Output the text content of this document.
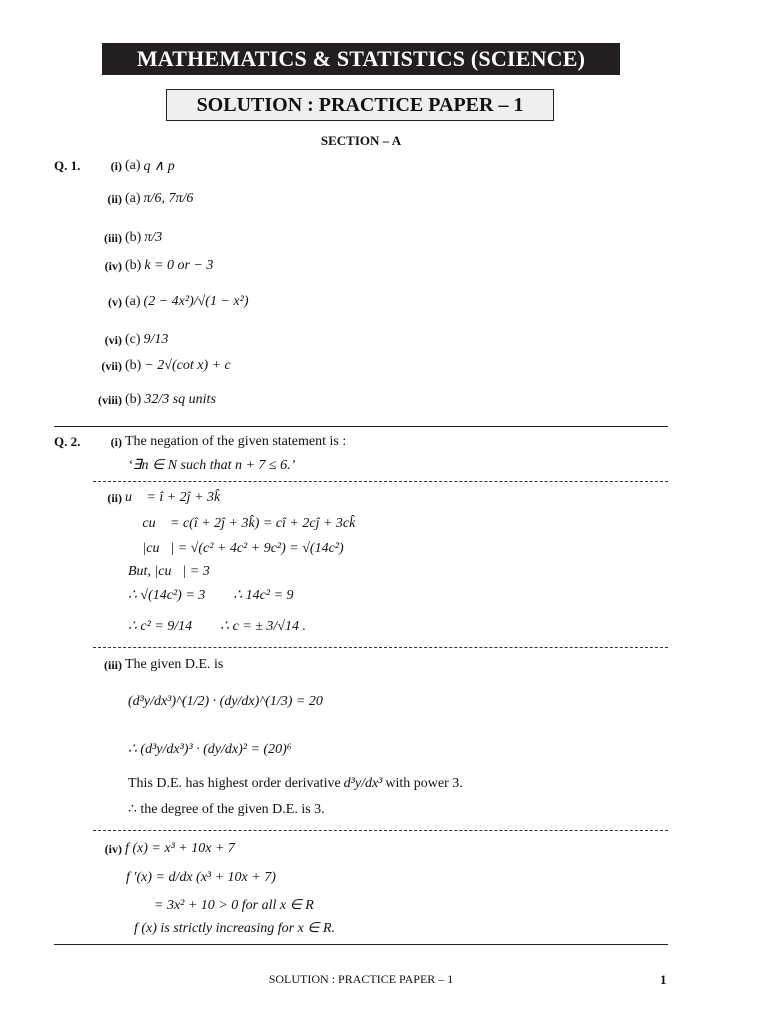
MATHEMATICS & STATISTICS (SCIENCE)
SOLUTION : PRACTICE PAPER – 1
SECTION – A
Q. 1.	(i) (a) q ∧ p
(ii) (a) π/6, 7π/6
(iii) (b) π/3
(iv) (b) k = 0 or − 3
(v) (a) (2 − 4x²)/√(1 − x²)
(vi) (c) 9/13
(vii) (b) − 2√(cot x) + c
(viii) (b) 32/3 sq units
Q. 2.	(i) The negation of the given statement is :
‘∃n ∈ N such that n + 7 ≤ 6.’
(ii) u⃗ = î + 2ĵ + 3k̂
∴ cu⃗ = c(î + 2ĵ + 3k̂) = cî + 2cĵ + 3ck̂
∴ |cu⃗| = √(c² + 4c² + 9c²) = √(14c²)
But, |cu⃗| = 3
∴ √(14c²) = 3        ∴ 14c² = 9
∴ c² = 9/14        ∴ c = ± 3/√14 .
(iii) The given D.E. is
(d³y/dx³)^(1/2) · (dy/dx)^(1/3) = 20
∴ (d³y/dx³)³ · (dy/dx)² = (20)⁶
This D.E. has highest order derivative d³y/dx³ with power 3.
∴ the degree of the given D.E. is 3.
(iv) f (x) = x³ + 10x + 7
f ′(x) = d/dx (x³ + 10x + 7)
= 3x² + 10 > 0 for all x ∈ R
f (x) is strictly increasing for x ∈ R.
SOLUTION : PRACTICE PAPER – 1	1
